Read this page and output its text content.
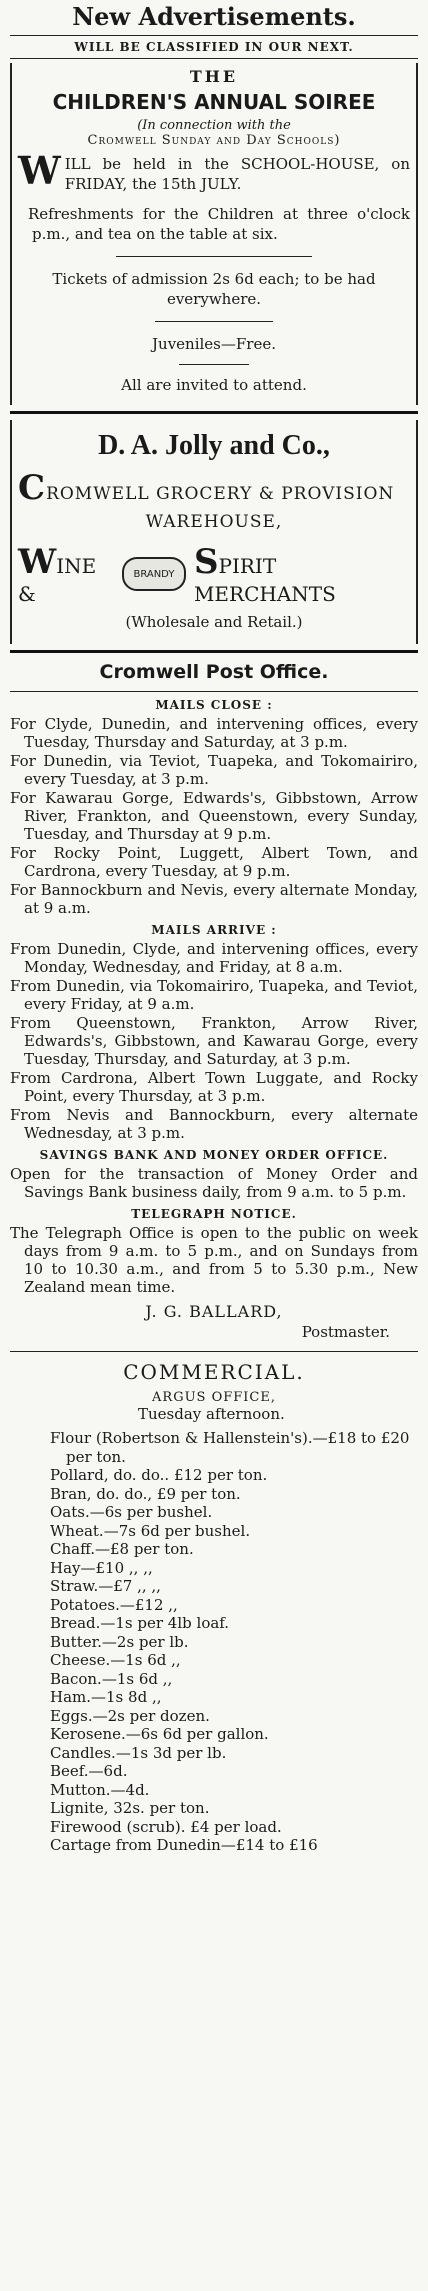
New Advertisements.
WILL BE CLASSIFIED IN OUR NEXT.
THE
CHILDREN'S ANNUAL SOIREE
(In connection with the
Cromwell Sunday and Day Schools)
WILL be held in the SCHOOL-HOUSE, on FRIDAY, the 15th JULY.
Refreshments for the Children at three o'clock p.m., and tea on the table at six.
Tickets of admission 2s 6d each; to be had everywhere.
Juveniles—Free.
All are invited to attend.
D. A. Jolly and Co.,
CROMWELL GROCERY & PROVISION
WAREHOUSE,
WINE &
BRANDY SPIRIT MERCHANTS
(Wholesale and Retail.)
Cromwell Post Office.
MAILS CLOSE :
For Clyde, Dunedin, and intervening offices, every Tuesday, Thursday and Saturday, at 3 p.m.
For Dunedin, via Teviot, Tuapeka, and Tokomairiro, every Tuesday, at 3 p.m.
For Kawarau Gorge, Edwards's, Gibbstown, Arrow River, Frankton, and Queenstown, every Sunday, Tuesday, and Thursday at 9 p.m.
For Rocky Point, Luggett, Albert Town, and Cardrona, every Tuesday, at 9 p.m.
For Bannockburn and Nevis, every alternate Monday, at 9 a.m.
MAILS ARRIVE :
From Dunedin, Clyde, and intervening offices, every Monday, Wednesday, and Friday, at 8 a.m.
From Dunedin, via Tokomairiro, Tuapeka, and Teviot, every Friday, at 9 a.m.
From Queenstown, Frankton, Arrow River, Edwards's, Gibbstown, and Kawarau Gorge, every Tuesday, Thursday, and Saturday, at 3 p.m.
From Cardrona, Albert Town Luggate, and Rocky Point, every Thursday, at 3 p.m.
From Nevis and Bannockburn, every alternate Wednesday, at 3 p.m.
SAVINGS BANK AND MONEY ORDER OFFICE.
Open for the transaction of Money Order and Savings Bank business daily, from 9 a.m. to 5 p.m.
TELEGRAPH NOTICE.
The Telegraph Office is open to the public on week days from 9 a.m. to 5 p.m., and on Sundays from 10 to 10.30 a.m., and from 5 to 5.30 p.m., New Zealand mean time.
J. G. BALLARD,
Postmaster.
COMMERCIAL.
ARGUS OFFICE,
Tuesday afternoon.
Flour (Robertson & Hallenstein's).—£18 to £20 per ton.
Pollard, do. do.. £12 per ton.
Bran, do. do., £9 per ton.
Oats.—6s per bushel.
Wheat.—7s 6d per bushel.
Chaff.—£8 per ton.
Hay—£10 ,, ,,
Straw.—£7 ,, ,,
Potatoes.—£12 ,,
Bread.—1s per 4lb loaf.
Butter.—2s per lb.
Cheese.—1s 6d ,,
Bacon.—1s 6d ,,
Ham.—1s 8d ,,
Eggs.—2s per dozen.
Kerosene.—6s 6d per gallon.
Candles.—1s 3d per lb.
Beef.—6d.
Mutton.—4d.
Lignite, 32s. per ton.
Firewood (scrub). £4 per load.
Cartage from Dunedin—£14 to £16
